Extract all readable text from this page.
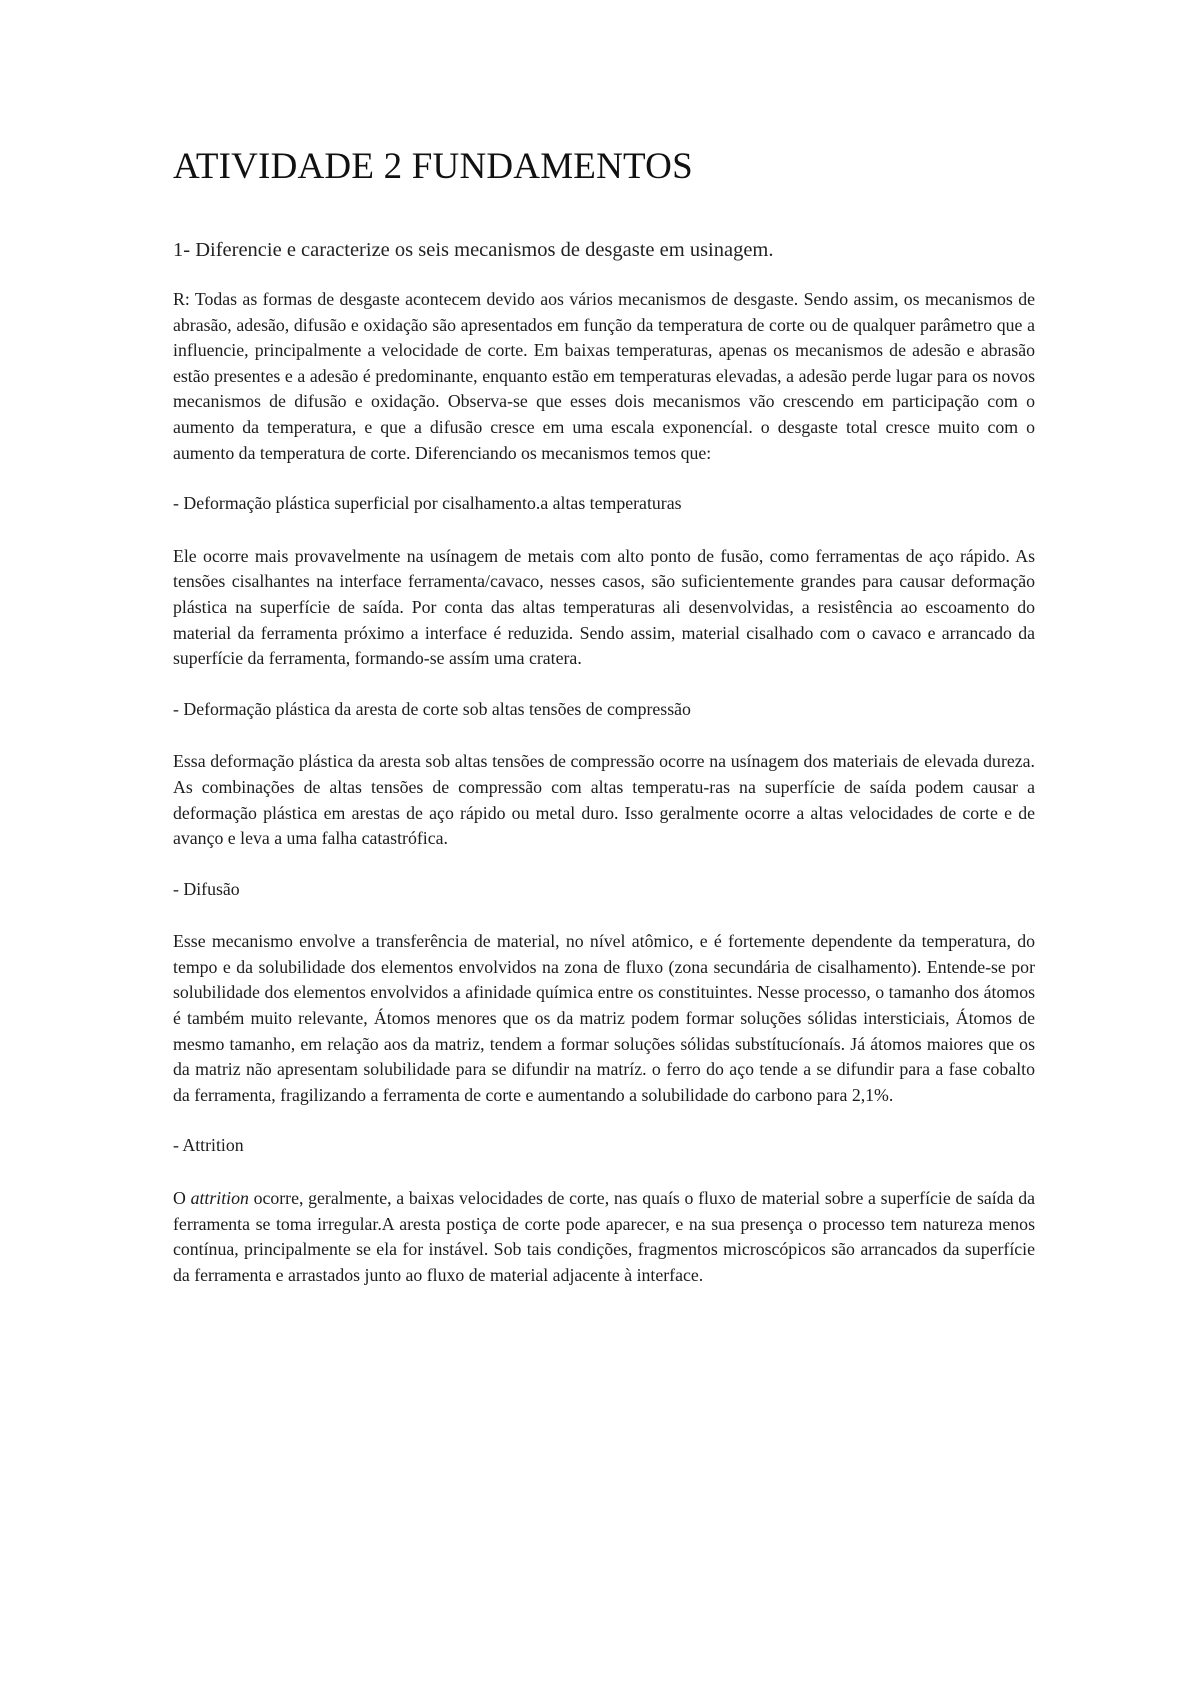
ATIVIDADE 2 FUNDAMENTOS

1- Diferencie e caracterize os seis mecanismos de desgaste em usinagem.

R: Todas as formas de desgaste acontecem devido aos vários mecanismos de desgaste. Sendo assim, os mecanismos de abrasão, adesão, difusão e oxidação são apresentados em função da temperatura de corte ou de qualquer parâmetro que a influencie, principalmente a velocidade de corte. Em baixas temperaturas, apenas os mecanismos de adesão e abrasão estão presentes e a adesão é predominante, enquanto estão em temperaturas elevadas, a adesão perde lugar para os novos mecanismos de difusão e oxidação. Observa-se que esses dois mecanismos vão crescendo em participação com o aumento da temperatura, e que a difusão cresce em uma escala exponencíal. o desgaste total cresce muito com o aumento da temperatura de corte. Diferenciando os mecanismos temos que:

- Deformação plástica superficial por cisalhamento.a altas temperaturas

Ele ocorre mais provavelmente na usínagem de metais com alto ponto de fusão, como ferramentas de aço rápido. As tensões cisalhantes na interface ferramenta/cavaco, nesses casos, são suficientemente grandes para causar deformação plástica na superfície de saída. Por conta das altas temperaturas ali desenvolvidas, a resistência ao escoamento do material da ferramenta próximo a interface é reduzida. Sendo assim, material cisalhado com o cavaco e arrancado da superfície da ferramenta, formando-se assím uma cratera.

- Deformação plástica da aresta de corte sob altas tensões de compressão

Essa deformação plástica da aresta sob altas tensões de compressão ocorre na usínagem dos materiais de elevada dureza. As combinações de altas tensões de compressão com altas temperatu-ras na superfície de saída podem causar a deformação plástica em arestas de aço rápido ou metal duro. Isso geralmente ocorre a altas velocidades de corte e de avanço e leva a uma falha catastrófica.

- Difusão

Esse mecanismo envolve a transferência de material, no nível atômico, e é fortemente dependente da temperatura, do tempo e da solubilidade dos elementos envolvidos na zona de fluxo (zona secundária de cisalhamento). Entende-se por solubilidade dos elementos envolvidos a afinidade química entre os constituintes. Nesse processo, o tamanho dos átomos é também muito relevante, Átomos menores que os da matriz podem formar soluções sólidas intersticiais, Átomos de mesmo tamanho, em relação aos da matriz, tendem a formar soluções sólidas substítucíonaís. Já átomos maiores que os da matriz não apresentam solubilidade para se difundir na matríz. o ferro do aço tende a se difundir para a fase cobalto da ferramenta, fragilizando a ferramenta de corte e aumentando a solubilidade do carbono para 2,1%.

- Attrition

O attrition ocorre, geralmente, a baixas velocidades de corte, nas quaís o fluxo de material sobre a superfície de saída da ferramenta se toma irregular.A aresta postiça de corte pode aparecer, e na sua presença o processo tem natureza menos contínua, principalmente se ela for instável. Sob tais condições, fragmentos microscópicos são arrancados da superfície da ferramenta e arrastados junto ao fluxo de material adjacente à interface.
